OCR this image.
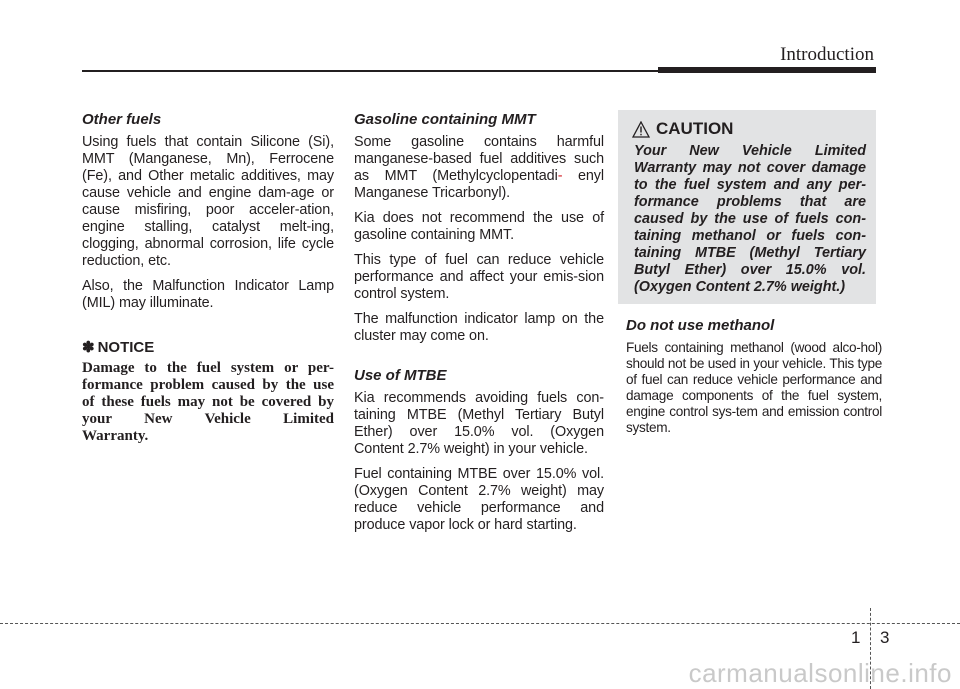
Introduction
Other fuels

Using fuels that contain Silicone (Si), MMT (Manganese, Mn), Ferrocene (Fe), and Other metalic additives, may cause vehicle and engine dam-age or cause misfiring, poor acceler-ation, engine stalling, catalyst melt-ing, clogging, abnormal corrosion, life cycle reduction, etc.

Also, the Malfunction Indicator Lamp (MIL) may illuminate.

✽ NOTICE

Damage to the fuel system or per-
formance problem caused by the use
of these fuels may not be covered by
your New Vehicle Limited
Warranty.

Gasoline containing MMT

Some gasoline contains harmful manganese-based fuel additives such as MMT (Methylcyclopentadi- enyl Manganese Tricarbonyl).

Kia does not recommend the use of gasoline containing MMT.

This type of fuel can reduce vehicle performance and affect your emis-sion control system.

The malfunction indicator lamp on the cluster may come on.

Use of MTBE

Kia recommends avoiding fuels con-taining MTBE (Methyl Tertiary Butyl Ether) over 15.0% vol. (Oxygen Content 2.7% weight) in your vehicle.

Fuel containing MTBE over 15.0% vol. (Oxygen Content 2.7% weight) may reduce vehicle performance and produce vapor lock or hard starting.

CAUTION
Your New Vehicle Limited
Warranty may not cover damage
to the fuel system and any per-
formance problems that are
caused by the use of fuels con-
taining methanol or fuels con-
taining MTBE (Methyl Tertiary
Butyl Ether) over 15.0% vol.
(Oxygen Content 2.7% weight.)
Do not use methanol

Fuels containing methanol (wood alco-hol) should not be used in your vehicle. This type of fuel can reduce vehicle performance and damage components of the fuel system, engine control sys-tem and emission control system.

1 3
carmanualsonline.info
